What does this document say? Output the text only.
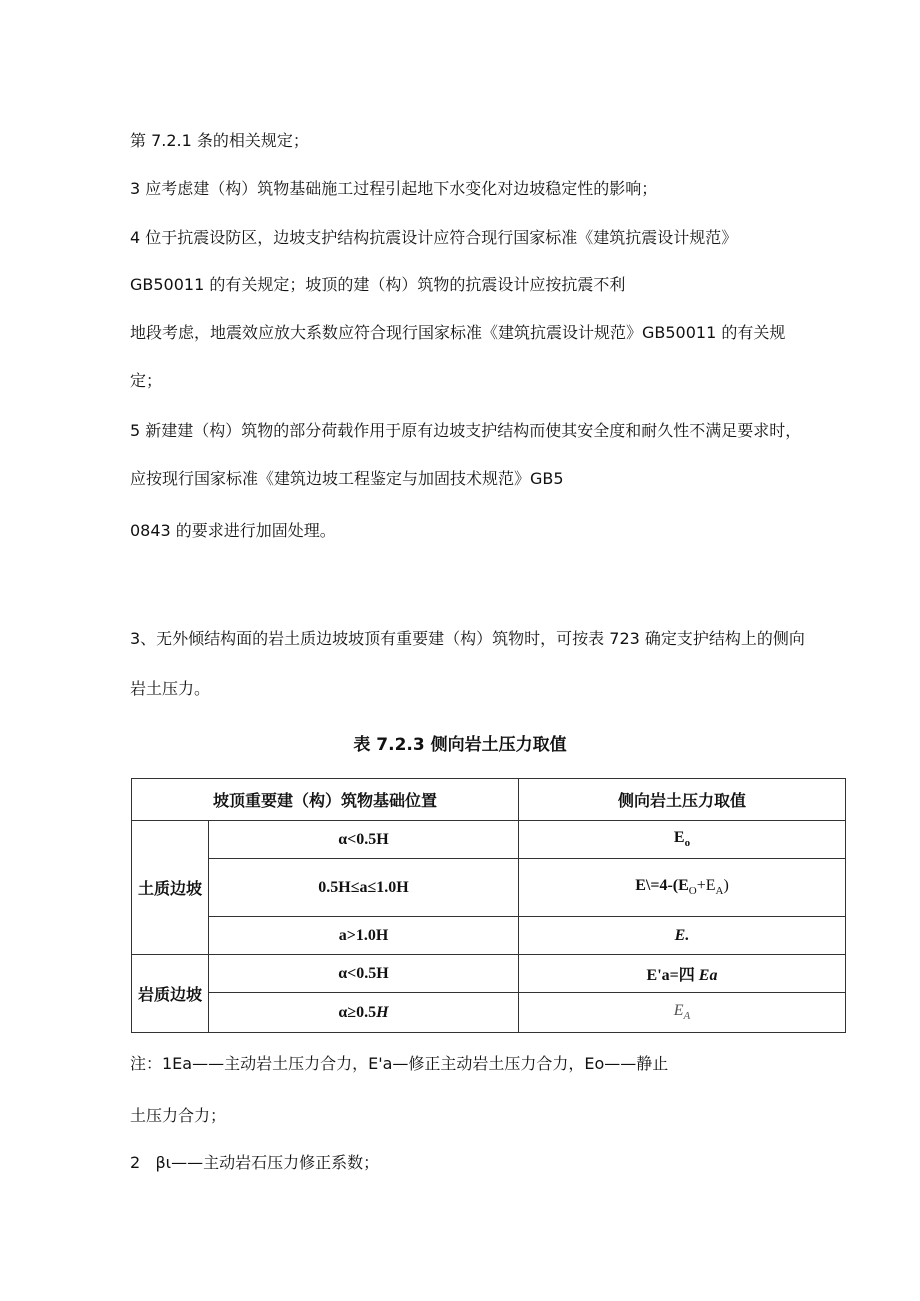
第 7.2.1 条的相关规定；
3 应考虑建（构）筑物基础施工过程引起地下水变化对边坡稳定性的影响；
4 位于抗震设防区，边坡支护结构抗震设计应符合现行国家标准《建筑抗震设计规范》
GB50011 的有关规定；坡顶的建（构）筑物的抗震设计应按抗震不利
地段考虑，地震效应放大系数应符合现行国家标准《建筑抗震设计规范》GB50011 的有关规
定；
5 新建建（构）筑物的部分荷载作用于原有边坡支护结构而使其安全度和耐久性不满足要求时，
应按现行国家标准《建筑边坡工程鉴定与加固技术规范》GB5
0843 的要求进行加固处理。
3、无外倾结构面的岩土质边坡坡顶有重要建（构）筑物时，可按表 723 确定支护结构上的侧向
岩土压力。
表 7.2.3 侧向岩土压力取值
坡顶重要建（构）筑物基础位置		侧向岩土压力取值
土质边坡	α<0.5H	$E_o$
	0.5H≤a≤1.0H	$E\backslash=4-(E_O+E_A)$
	a>1.0H	E.
岩质边坡	α<0.5H	E'a=四 Ea
	α≥0.5H	$E_A$
注：1Ea——主动岩土压力合力，E'a—修正主动岩土压力合力，Eo——静止
土压力合力；
2   βι——主动岩石压力修正系数；
